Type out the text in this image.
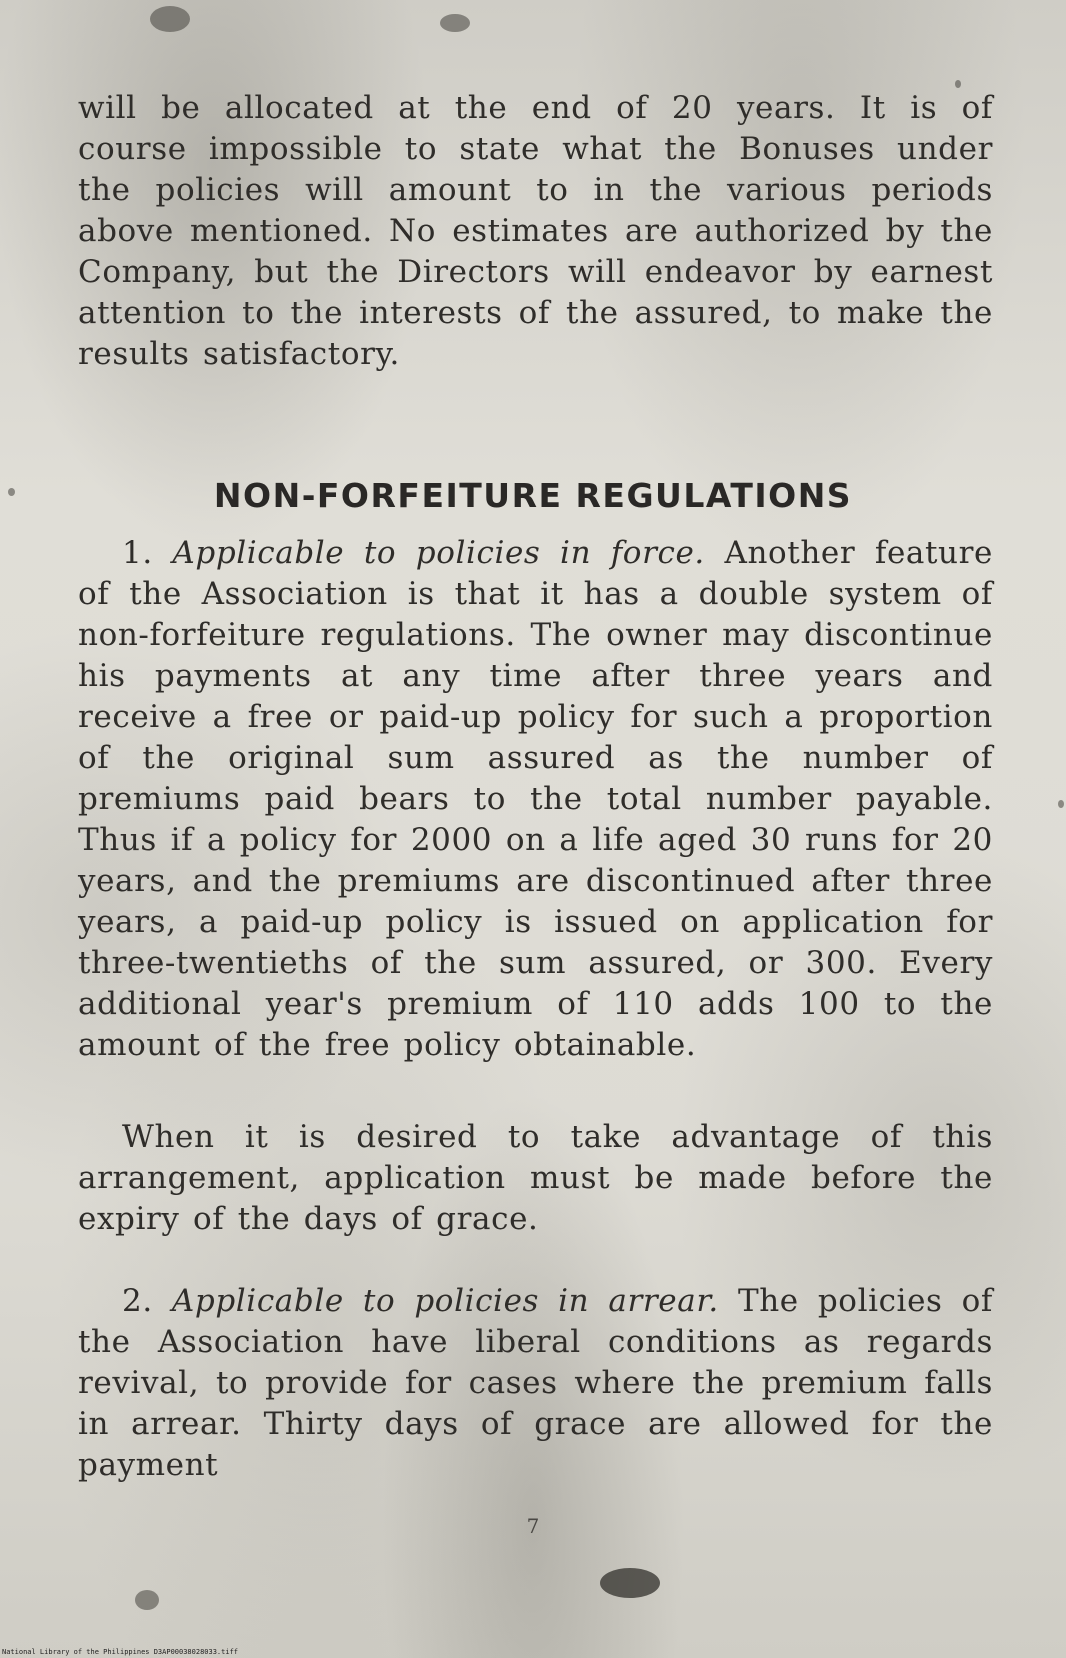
will be allocated at the end of 20 years. It is of course impossible to state what the Bonuses under the policies will amount to in the various periods above mentioned. No estimates are authorized by the Company, but the Directors will endeavor by earnest attention to the interests of the assured, to make the results satisfactory.
NON-FORFEITURE REGULATIONS
1. Applicable to policies in force. Another feature of the Association is that it has a double system of non-forfeiture regulations. The owner may discontinue his payments at any time after three years and receive a free or paid-up policy for such a proportion of the original sum assured as the number of premiums paid bears to the total number payable. Thus if a policy for 2000 on a life aged 30 runs for 20 years, and the premiums are discontinued after three years, a paid-up policy is issued on application for three-twentieths of the sum assured, or 300. Every additional year's premium of 110 adds 100 to the amount of the free policy obtainable.
When it is desired to take advantage of this arrangement, application must be made before the expiry of the days of grace.
2. Applicable to policies in arrear. The policies of the Association have liberal conditions as regards revival, to provide for cases where the premium falls in arrear. Thirty days of grace are allowed for the payment
7
National Library of the Philippines D3AP00038028033.tiff
